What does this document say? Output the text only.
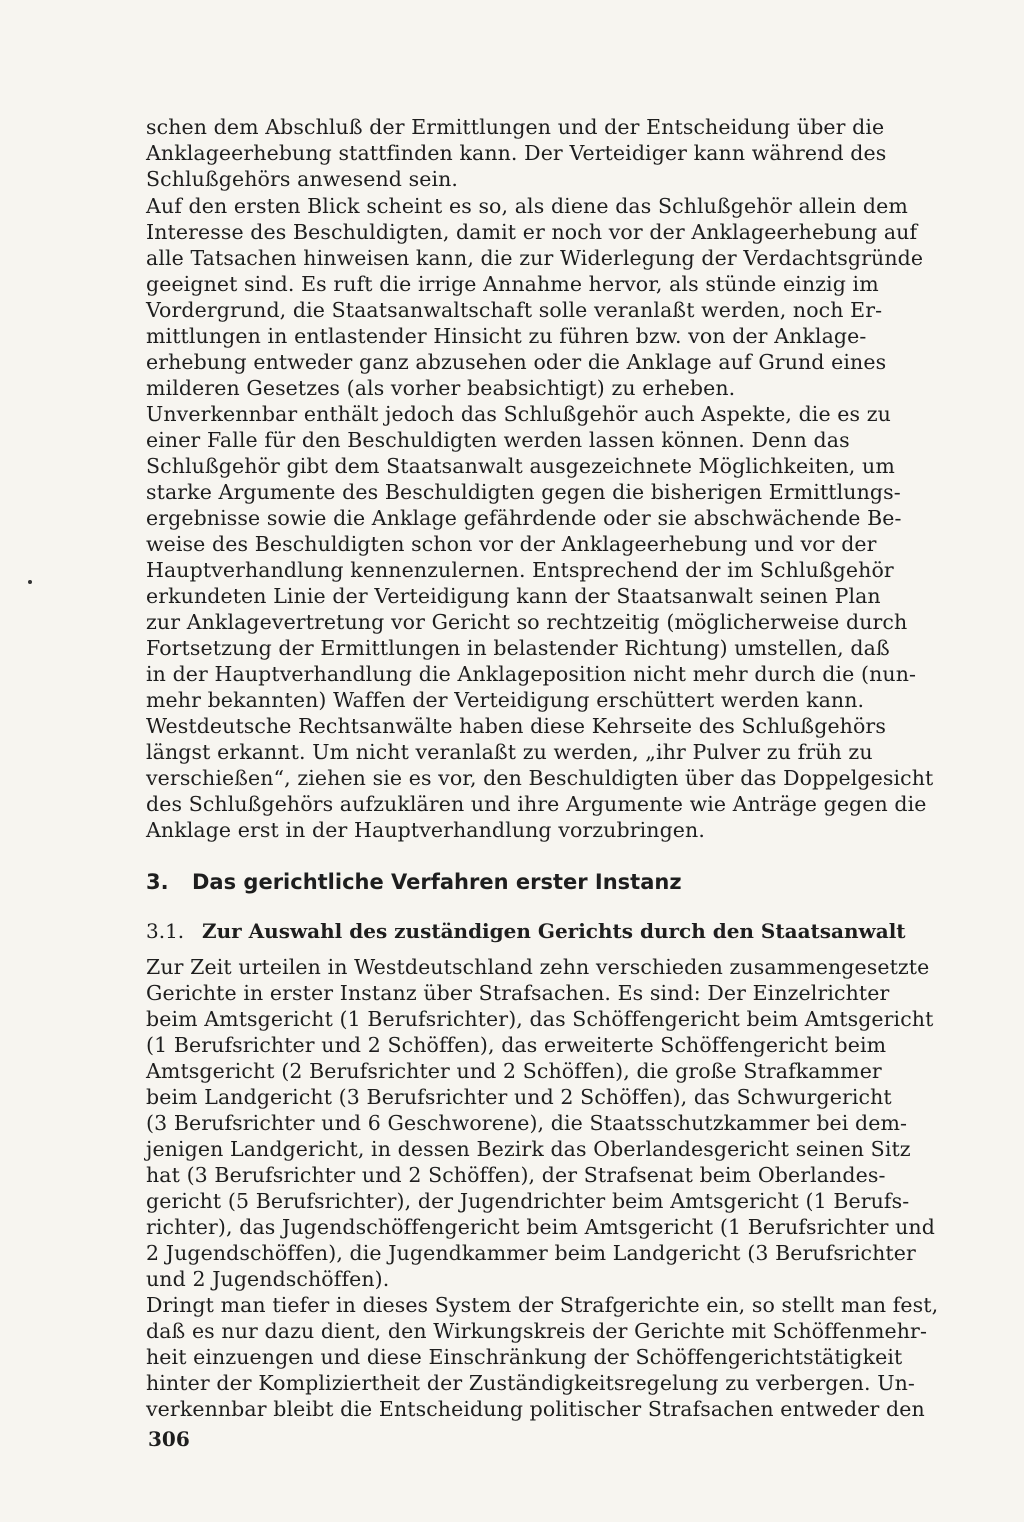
schen dem Abschluß der Ermittlungen und der Entscheidung über die
Anklageerhebung stattfinden kann. Der Verteidiger kann während des
Schlußgehörs anwesend sein.
Auf den ersten Blick scheint es so, als diene das Schlußgehör allein dem
Interesse des Beschuldigten, damit er noch vor der Anklageerhebung auf
alle Tatsachen hinweisen kann, die zur Widerlegung der Verdachtsgründe
geeignet sind. Es ruft die irrige Annahme hervor, als stünde einzig im
Vordergrund, die Staatsanwaltschaft solle veranlaßt werden, noch Er-
mittlungen in entlastender Hinsicht zu führen bzw. von der Anklage-
erhebung entweder ganz abzusehen oder die Anklage auf Grund eines
milderen Gesetzes (als vorher beabsichtigt) zu erheben.
Unverkennbar enthält jedoch das Schlußgehör auch Aspekte, die es zu
einer Falle für den Beschuldigten werden lassen können. Denn das
Schlußgehör gibt dem Staatsanwalt ausgezeichnete Möglichkeiten, um
starke Argumente des Beschuldigten gegen die bisherigen Ermittlungs-
ergebnisse sowie die Anklage gefährdende oder sie abschwächende Be-
weise des Beschuldigten schon vor der Anklageerhebung und vor der
Hauptverhandlung kennenzulernen. Entsprechend der im Schlußgehör
erkundeten Linie der Verteidigung kann der Staatsanwalt seinen Plan
zur Anklagevertretung vor Gericht so rechtzeitig (möglicherweise durch
Fortsetzung der Ermittlungen in belastender Richtung) umstellen, daß
in der Hauptverhandlung die Anklageposition nicht mehr durch die (nun-
mehr bekannten) Waffen der Verteidigung erschüttert werden kann.
Westdeutsche Rechtsanwälte haben diese Kehrseite des Schlußgehörs
längst erkannt. Um nicht veranlaßt zu werden, „ihr Pulver zu früh zu
verschießen“, ziehen sie es vor, den Beschuldigten über das Doppelgesicht
des Schlußgehörs aufzuklären und ihre Argumente wie Anträge gegen die
Anklage erst in der Hauptverhandlung vorzubringen.
3. Das gerichtliche Verfahren erster Instanz
3.1. Zur Auswahl des zuständigen Gerichts durch den Staatsanwalt
Zur Zeit urteilen in Westdeutschland zehn verschieden zusammengesetzte
Gerichte in erster Instanz über Strafsachen. Es sind: Der Einzelrichter
beim Amtsgericht (1 Berufsrichter), das Schöffengericht beim Amtsgericht
(1 Berufsrichter und 2 Schöffen), das erweiterte Schöffengericht beim
Amtsgericht (2 Berufsrichter und 2 Schöffen), die große Strafkammer
beim Landgericht (3 Berufsrichter und 2 Schöffen), das Schwurgericht
(3 Berufsrichter und 6 Geschworene), die Staatsschutzkammer bei dem-
jenigen Landgericht, in dessen Bezirk das Oberlandesgericht seinen Sitz
hat (3 Berufsrichter und 2 Schöffen), der Strafsenat beim Oberlandes-
gericht (5 Berufsrichter), der Jugendrichter beim Amtsgericht (1 Berufs-
richter), das Jugendschöffengericht beim Amtsgericht (1 Berufsrichter und
2 Jugendschöffen), die Jugendkammer beim Landgericht (3 Berufsrichter
und 2 Jugendschöffen).
Dringt man tiefer in dieses System der Strafgerichte ein, so stellt man fest,
daß es nur dazu dient, den Wirkungskreis der Gerichte mit Schöffenmehr-
heit einzuengen und diese Einschränkung der Schöffengerichtstätigkeit
hinter der Kompliziertheit der Zuständigkeitsregelung zu verbergen. Un-
verkennbar bleibt die Entscheidung politischer Strafsachen entweder den
306
